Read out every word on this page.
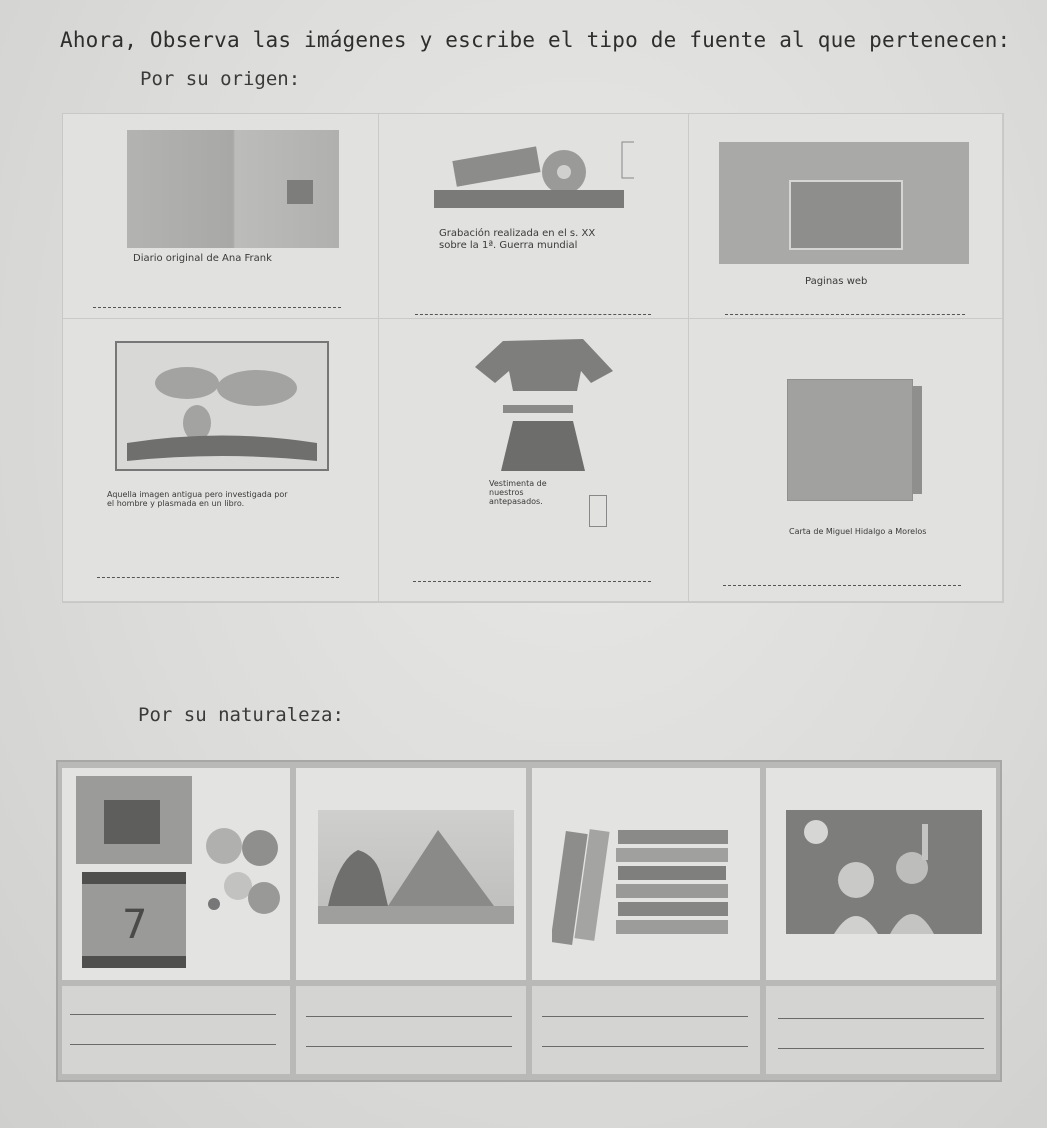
Ahora, Observa las imágenes y escribe el tipo de fuente al que pertenecen:
Por su origen:
Diario original de Ana Frank
Grabación realizada en el s. XX
sobre la 1ª. Guerra mundial
Paginas web
Aquella imagen antigua pero investigada por
el hombre y plasmada en un libro.
Vestimenta de
nuestros
antepasados.
Carta de Miguel Hidalgo a Morelos
Por su naturaleza:
7
